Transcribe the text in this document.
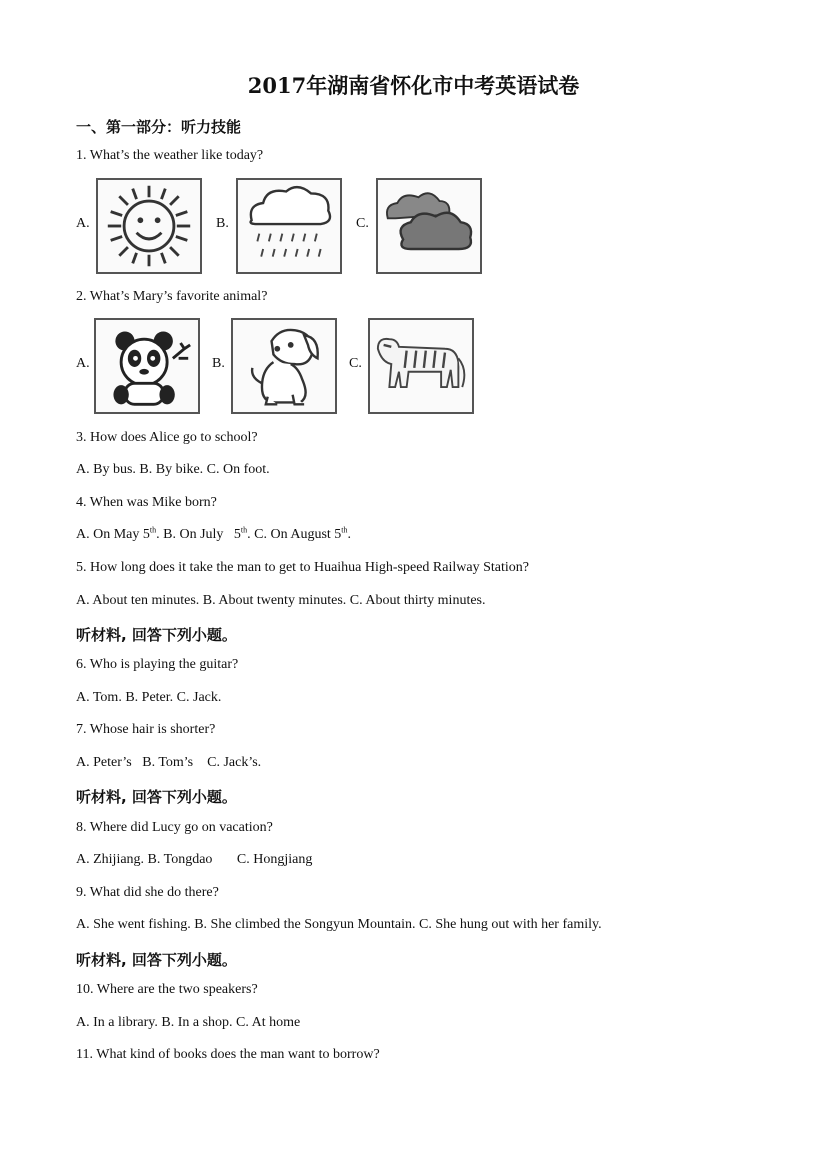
2017年湖南省怀化市中考英语试卷
一、第一部分：听力技能
1. What’s the weather like today?
A.	B.	C.
2. What’s Mary’s favorite animal?
A.	B.	C.
3. How does Alice go to school?
A. By bus. B. By bike. C. On foot.
4. When was Mike born?
A. On May 5th. B. On July   5th. C. On August 5th.
5. How long does it take the man to get to Huaihua High-speed Railway Station?
A. About ten minutes. B. About twenty minutes. C. About thirty minutes.
听材料, 回答下列小题。
6. Who is playing the guitar?
A. Tom. B. Peter. C. Jack.
7. Whose hair is shorter?
A. Peter’s   B. Tom’s    C. Jack’s.
听材料, 回答下列小题。
8. Where did Lucy go on vacation?
A. Zhijiang. B. Tongdao       C. Hongjiang
9. What did she do there?
A. She went fishing. B. She climbed the Songyun Mountain. C. She hung out with her family.
听材料, 回答下列小题。
10. Where are the two speakers?
A. In a library. B. In a shop. C. At home
11. What kind of books does the man want to borrow?
